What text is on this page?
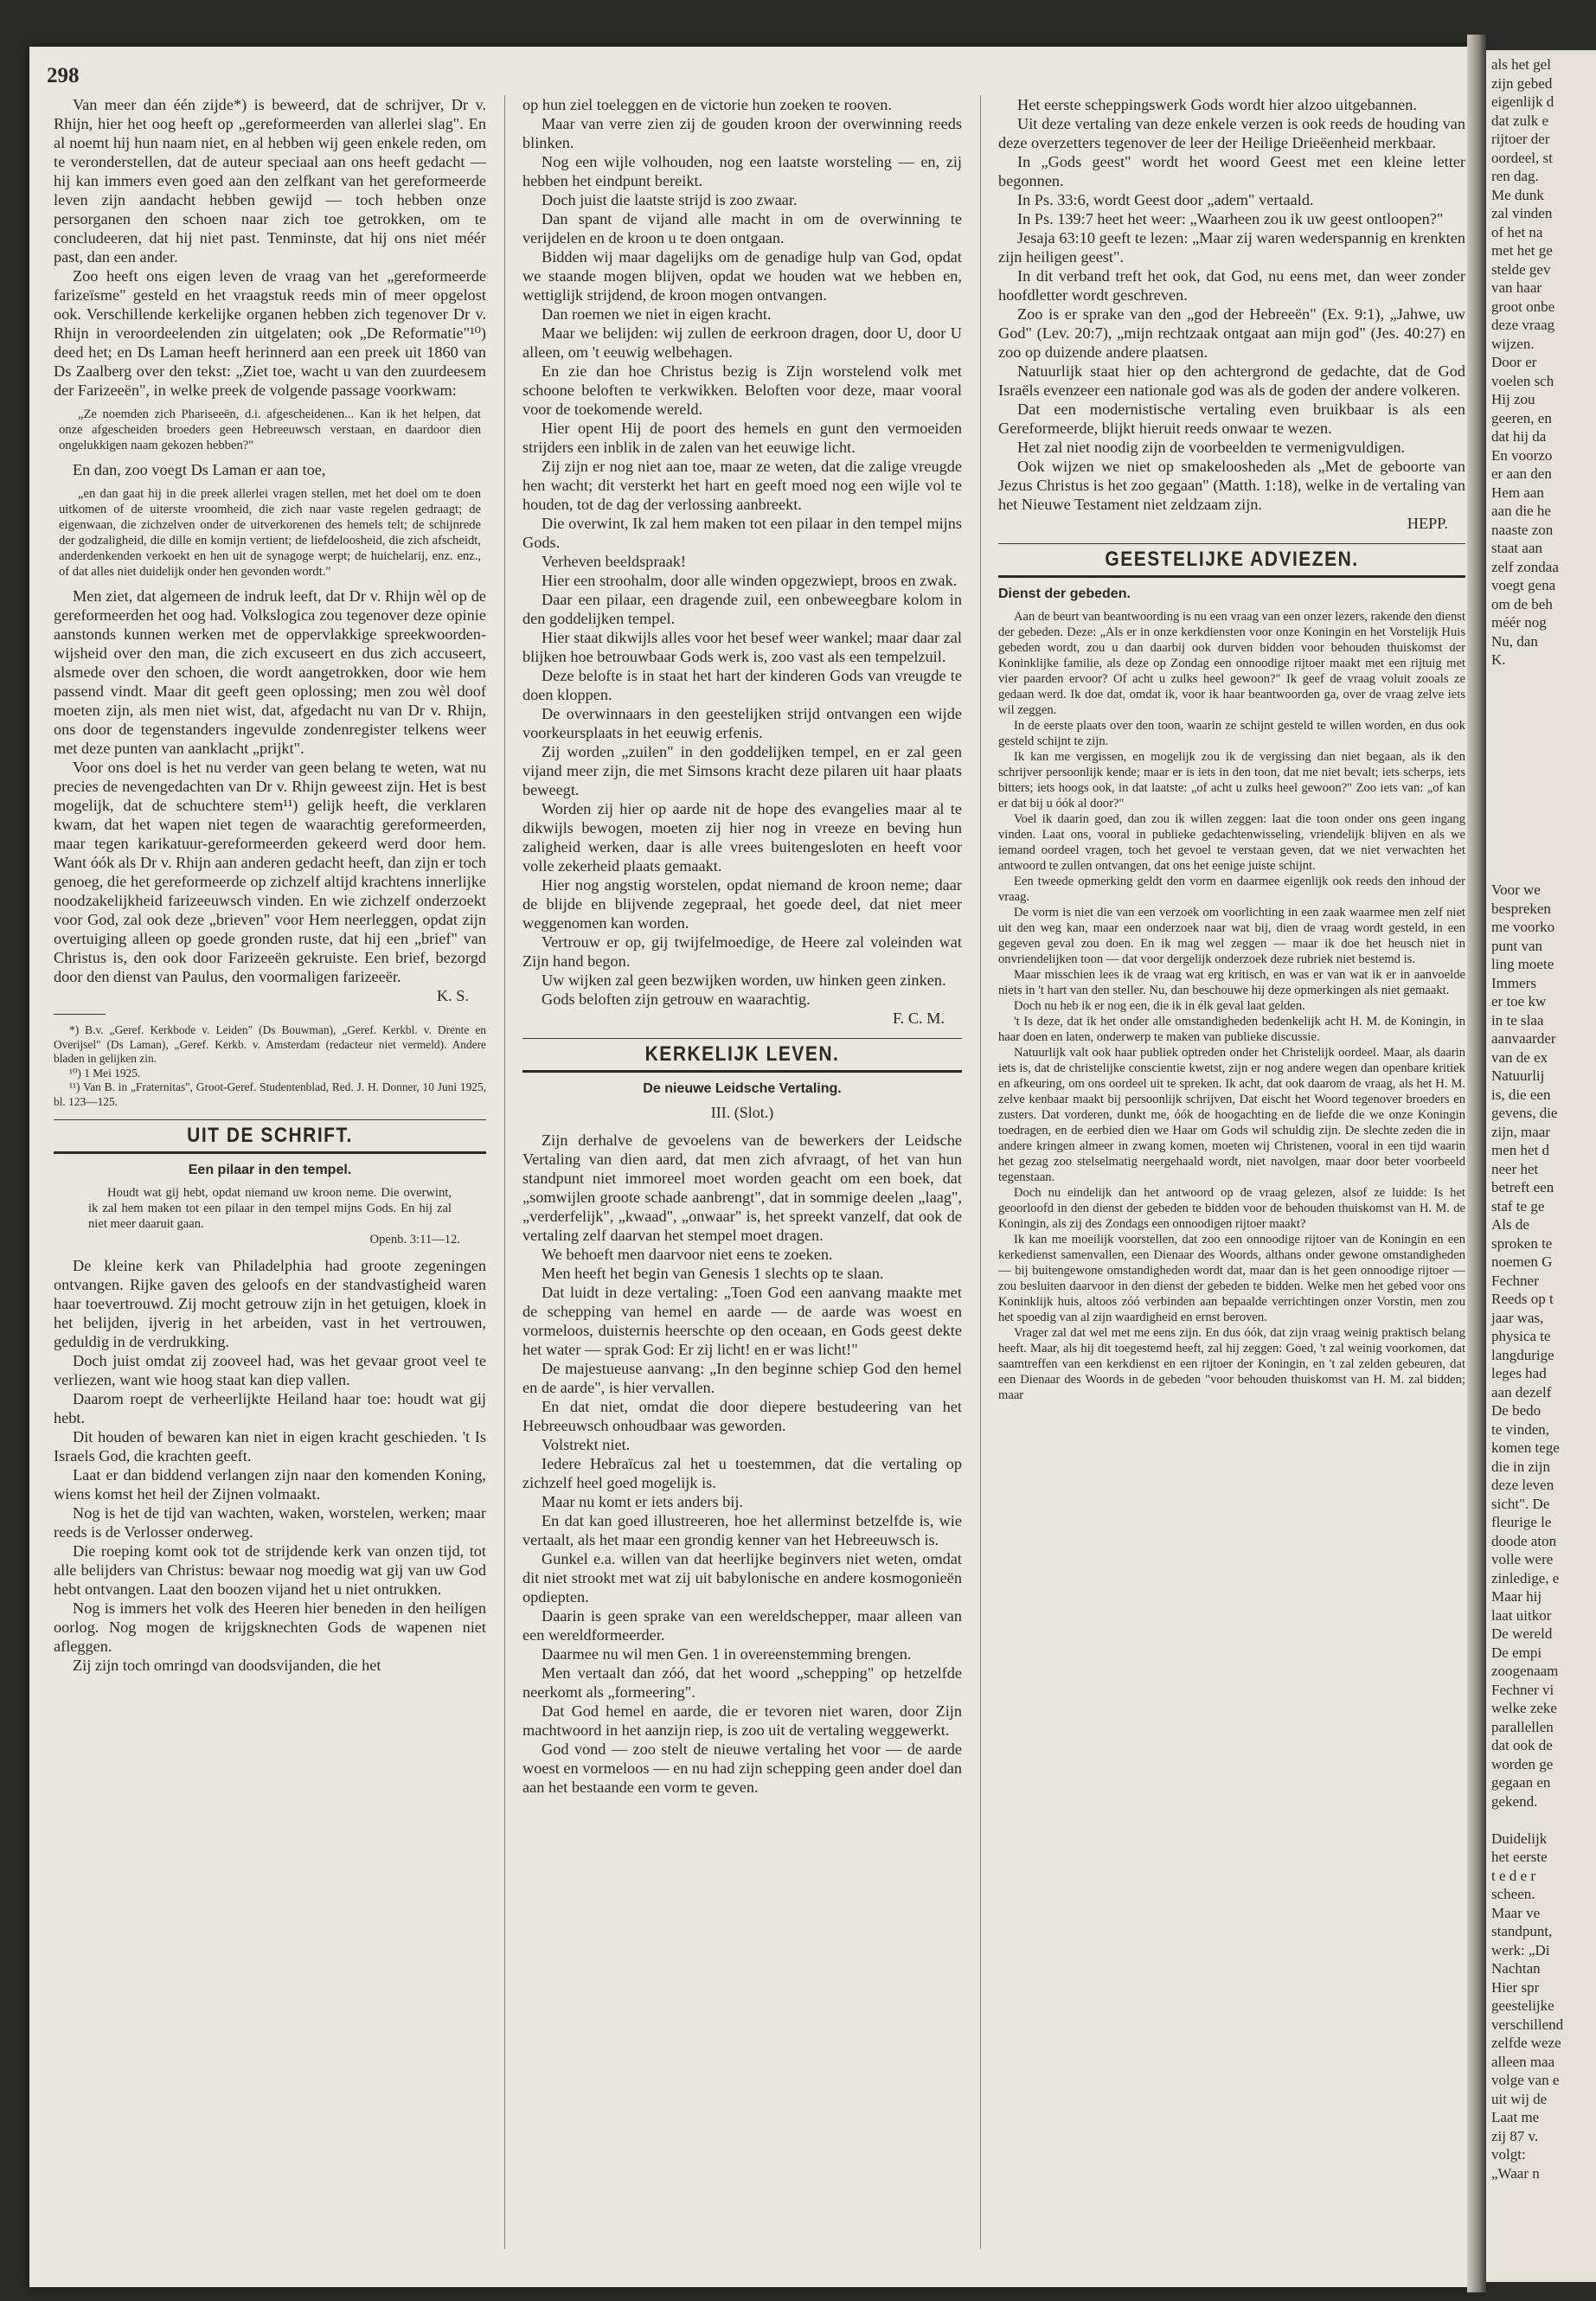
298

Van meer dan één zijde*) is beweerd, dat de schrijver, Dr v. Rhijn, hier het oog heeft op „gereformeerden van allerlei slag". En al noemt hij hun naam niet, en al hebben wij geen enkele reden, om te veronderstellen, dat de auteur speciaal aan ons heeft gedacht — hij kan immers even goed aan den zelfkant van het gereformeerde leven zijn aandacht hebben gewijd — toch hebben onze persorganen den schoen naar zich toe getrokken, om te concludeeren, dat hij niet past. Tenminste, dat hij ons niet méér past, dan een ander.

Zoo heeft ons eigen leven de vraag van het „gereformeerde farizeïsme" gesteld en het vraagstuk reeds min of meer opgelost ook. Verschillende kerkelijke organen hebben zich tegenover Dr v. Rhijn in veroordeelenden zin uitgelaten; ook „De Reformatie"¹⁰) deed het; en Ds Laman heeft herinnerd aan een preek uit 1860 van Ds Zaalberg over den tekst: „Ziet toe, wacht u van den zuurdeesem der Farizeeën", in welke preek de volgende passage voorkwam:

„Ze noemden zich Phariseeën, d.i. afgescheidenen... Kan ik het helpen, dat onze afgescheiden broeders geen Hebreeuwsch verstaan, en daardoor dien ongelukkigen naam gekozen hebben?"

En dan, zoo voegt Ds Laman er aan toe,

„en dan gaat hij in die preek allerlei vragen stellen, met het doel om te doen uitkomen of de uiterste vroomheid, die zich naar vaste regelen gedraagt; de eigenwaan, die zichzelven onder de uitverkorenen des hemels telt; de schijnrede der godzaligheid, die dille en komijn vertient; de liefdeloosheid, die zich afscheidt, anderdenkenden verkoekt en hen uit de synagoge werpt; de huichelarij, enz. enz., of dat alles niet duidelijk onder hen gevonden wordt."

Men ziet, dat algemeen de indruk leeft, dat Dr v. Rhijn wèl op de gereformeerden het oog had. Volkslogica zou tegenover deze opinie aanstonds kunnen werken met de oppervlakkige spreekwoorden-wijsheid over den man, die zich excuseert en dus zich accuseert, alsmede over den schoen, die wordt aangetrokken, door wie hem passend vindt. Maar dit geeft geen oplossing; men zou wèl doof moeten zijn, als men niet wist, dat, afgedacht nu van Dr v. Rhijn, ons door de tegenstanders ingevulde zondenregister telkens weer met deze punten van aanklacht „prijkt".

Voor ons doel is het nu verder van geen belang te weten, wat nu precies de nevengedachten van Dr v. Rhijn geweest zijn. Het is best mogelijk, dat de schuchtere stem¹¹) gelijk heeft, die verklaren kwam, dat het wapen niet tegen de waarachtig gereformeerden, maar tegen karikatuur-gereformeerden gekeerd werd door hem. Want óók als Dr v. Rhijn aan anderen gedacht heeft, dan zijn er toch genoeg, die het gereformeerde op zichzelf altijd krachtens innerlijke noodzakelijkheid farizeeuwsch vinden. En wie zichzelf onderzoekt voor God, zal ook deze „brieven" voor Hem neerleggen, opdat zijn overtuiging alleen op goede gronden ruste, dat hij een „brief" van Christus is, den ook door Farizeeën gekruiste. Een brief, bezorgd door den dienst van Paulus, den voormaligen farizeeër.

K. S.

*) B.v. „Geref. Kerkbode v. Leiden" (Ds Bouwman), „Geref. Kerkbl. v. Drente en Overijsel" (Ds Laman), „Geref. Kerkb. v. Amsterdam (redacteur niet vermeld). Andere bladen in gelijken zin.

¹⁰) 1 Mei 1925.

¹¹) Van B. in „Fraternitas", Groot-Geref. Studentenblad, Red. J. H. Donner, 10 Juni 1925, bl. 123—125.

UIT DE SCHRIFT.
Een pilaar in den tempel.

Houdt wat gij hebt, opdat niemand uw kroon neme. Die overwint, ik zal hem maken tot een pilaar in den tempel mijns Gods. En hij zal niet meer daaruit gaan.

Openb. 3:11—12.

De kleine kerk van Philadelphia had groote zegeningen ontvangen. Rijke gaven des geloofs en der standvastigheid waren haar toevertrouwd. Zij mocht getrouw zijn in het getuigen, kloek in het belijden, ijverig in het arbeiden, vast in het vertrouwen, geduldig in de verdrukking.

Doch juist omdat zij zooveel had, was het gevaar groot veel te verliezen, want wie hoog staat kan diep vallen.

Daarom roept de verheerlijkte Heiland haar toe: houdt wat gij hebt.

Dit houden of bewaren kan niet in eigen kracht geschieden. 't Is Israels God, die krachten geeft.

Laat er dan biddend verlangen zijn naar den komenden Koning, wiens komst het heil der Zijnen volmaakt.

Nog is het de tijd van wachten, waken, worstelen, werken; maar reeds is de Verlosser onderweg.

Die roeping komt ook tot de strijdende kerk van onzen tijd, tot alle belijders van Christus: bewaar nog moedig wat gij van uw God hebt ontvangen. Laat den boozen vijand het u niet ontrukken.

Nog is immers het volk des Heeren hier beneden in den heiligen oorlog. Nog mogen de krijgsknechten Gods de wapenen niet afleggen.

Zij zijn toch omringd van doodsvijanden, die het

op hun ziel toeleggen en de victorie hun zoeken te rooven.

Maar van verre zien zij de gouden kroon der overwinning reeds blinken.

Nog een wijle volhouden, nog een laatste worsteling — en, zij hebben het eindpunt bereikt.

Doch juist die laatste strijd is zoo zwaar.

Dan spant de vijand alle macht in om de overwinning te verijdelen en de kroon u te doen ontgaan.

Bidden wij maar dagelijks om de genadige hulp van God, opdat we staande mogen blijven, opdat we houden wat we hebben en, wettiglijk strijdend, de kroon mogen ontvangen.

Dan roemen we niet in eigen kracht.

Maar we belijden: wij zullen de eerkroon dragen, door U, door U alleen, om 't eeuwig welbehagen.

En zie dan hoe Christus bezig is Zijn worstelend volk met schoone beloften te verkwikken. Beloften voor deze, maar vooral voor de toekomende wereld.

Hier opent Hij de poort des hemels en gunt den vermoeiden strijders een inblik in de zalen van het eeuwige licht.

Zij zijn er nog niet aan toe, maar ze weten, dat die zalige vreugde hen wacht; dit versterkt het hart en geeft moed nog een wijle vol te houden, tot de dag der verlossing aanbreekt.

Die overwint, Ik zal hem maken tot een pilaar in den tempel mijns Gods.

Verheven beeldspraak!

Hier een stroohalm, door alle winden opgezwiept, broos en zwak.

Daar een pilaar, een dragende zuil, een onbeweegbare kolom in den goddelijken tempel.

Hier staat dikwijls alles voor het besef weer wankel; maar daar zal blijken hoe betrouwbaar Gods werk is, zoo vast als een tempelzuil.

Deze belofte is in staat het hart der kinderen Gods van vreugde te doen kloppen.

De overwinnaars in den geestelijken strijd ontvangen een wijde voorkeursplaats in het eeuwig erfenis.

Zij worden „zuilen" in den goddelijken tempel, en er zal geen vijand meer zijn, die met Simsons kracht deze pilaren uit haar plaats beweegt.

Worden zij hier op aarde nit de hope des evangelies maar al te dikwijls bewogen, moeten zij hier nog in vreeze en beving hun zaligheid werken, daar is alle vrees buitengesloten en heeft voor volle zekerheid plaats gemaakt.

Hier nog angstig worstelen, opdat niemand de kroon neme; daar de blijde en blijvende zegepraal, het goede deel, dat niet meer weggenomen kan worden.

Vertrouw er op, gij twijfelmoedige, de Heere zal voleinden wat Zijn hand begon.

Uw wijken zal geen bezwijken worden, uw hinken geen zinken.

Gods beloften zijn getrouw en waarachtig.

F. C. M.

KERKELIJK LEVEN.
De nieuwe Leidsche Vertaling.
III. (Slot.)

Zijn derhalve de gevoelens van de bewerkers der Leidsche Vertaling van dien aard, dat men zich afvraagt, of het van hun standpunt niet immoreel moet worden geacht om een boek, dat „somwijlen groote schade aanbrengt", dat in sommige deelen „laag", „verderfelijk", „kwaad", „onwaar" is, het spreekt vanzelf, dat ook de vertaling zelf daarvan het stempel moet dragen.

We behoeft men daarvoor niet eens te zoeken.

Men heeft het begin van Genesis 1 slechts op te slaan.

Dat luidt in deze vertaling: „Toen God een aanvang maakte met de schepping van hemel en aarde — de aarde was woest en vormeloos, duisternis heerschte op den oceaan, en Gods geest dekte het water — sprak God: Er zij licht! en er was licht!"

De majestueuse aanvang: „In den beginne schiep God den hemel en de aarde", is hier vervallen.

En dat niet, omdat die door diepere bestudeering van het Hebreeuwsch onhoudbaar was geworden.

Volstrekt niet.

Iedere Hebraïcus zal het u toestemmen, dat die vertaling op zichzelf heel goed mogelijk is.

Maar nu komt er iets anders bij.

En dat kan goed illustreeren, hoe het allerminst betzelfde is, wie vertaalt, als het maar een grondig kenner van het Hebreeuwsch is.

Gunkel e.a. willen van dat heerlijke beginvers niet weten, omdat dit niet strookt met wat zij uit babylonische en andere kosmogonieën opdiepten.

Daarin is geen sprake van een wereldschepper, maar alleen van een wereldformeerder.

Daarmee nu wil men Gen. 1 in overeenstemming brengen.

Men vertaalt dan zóó, dat het woord „schepping" op hetzelfde neerkomt als „formeering".

Dat God hemel en aarde, die er tevoren niet waren, door Zijn machtwoord in het aanzijn riep, is zoo uit de vertaling weggewerkt.

God vond — zoo stelt de nieuwe vertaling het voor — de aarde woest en vormeloos — en nu had zijn schepping geen ander doel dan aan het bestaande een vorm te geven.

Het eerste scheppingswerk Gods wordt hier alzoo uitgebannen.

Uit deze vertaling van deze enkele verzen is ook reeds de houding van deze overzetters tegenover de leer der Heilige Drieëenheid merkbaar.

In „Gods geest" wordt het woord Geest met een kleine letter begonnen.

In Ps. 33:6, wordt Geest door „adem" vertaald.

In Ps. 139:7 heet het weer: „Waarheen zou ik uw geest ontloopen?"

Jesaja 63:10 geeft te lezen: „Maar zij waren wederspannig en krenkten zijn heiligen geest".

In dit verband treft het ook, dat God, nu eens met, dan weer zonder hoofdletter wordt geschreven.

Zoo is er sprake van den „god der Hebreeën" (Ex. 9:1), „Jahwe, uw God" (Lev. 20:7), „mijn rechtzaak ontgaat aan mijn god" (Jes. 40:27) en zoo op duizende andere plaatsen.

Natuurlijk staat hier op den achtergrond de gedachte, dat de God Israëls evenzeer een nationale god was als de goden der andere volkeren.

Dat een modernistische vertaling even bruikbaar is als een Gereformeerde, blijkt hieruit reeds onwaar te wezen.

Het zal niet noodig zijn de voorbeelden te vermenigvuldigen.

Ook wijzen we niet op smakeloosheden als „Met de geboorte van Jezus Christus is het zoo gegaan" (Matth. 1:18), welke in de vertaling van het Nieuwe Testament niet zeldzaam zijn.

HEPP.

GEESTELIJKE ADVIEZEN.
Dienst der gebeden.

Aan de beurt van beantwoording is nu een vraag van een onzer lezers, rakende den dienst der gebeden. Deze: „Als er in onze kerkdiensten voor onze Koningin en het Vorstelijk Huis gebeden wordt, zou u dan daarbij ook durven bidden voor behouden thuiskomst der Koninklijke familie, als deze op Zondag een onnoodige rijtoer maakt met een rijtuig met vier paarden ervoor? Of acht u zulks heel gewoon?" Ik geef de vraag voluit zooals ze gedaan werd. Ik doe dat, omdat ik, voor ik haar beantwoorden ga, over de vraag zelve iets wil zeggen.

In de eerste plaats over den toon, waarin ze schijnt gesteld te willen worden, en dus ook gesteld schijnt te zijn.

Ik kan me vergissen, en mogelijk zou ik de vergissing dan niet begaan, als ik den schrijver persoonlijk kende; maar er is iets in den toon, dat me niet bevalt; iets scherps, iets bitters; iets hoogs ook, in dat laatste: „of acht u zulks heel gewoon?" Zoo iets van: „of kan er dat bij u óók al door?"

Voel ik daarin goed, dan zou ik willen zeggen: laat die toon onder ons geen ingang vinden. Laat ons, vooral in publieke gedachtenwisseling, vriendelijk blijven en als we iemand oordeel vragen, toch het gevoel te verstaan geven, dat we niet verwachten het antwoord te zullen ontvangen, dat ons het eenige juiste schijnt.

Een tweede opmerking geldt den vorm en daarmee eigenlijk ook reeds den inhoud der vraag.

De vorm is niet die van een verzoek om voorlichting in een zaak waarmee men zelf niet uit den weg kan, maar een onderzoek naar wat bij, dien de vraag wordt gesteld, in een gegeven geval zou doen. En ik mag wel zeggen — maar ik doe het heusch niet in onvriendelijken toon — dat voor dergelijk onderzoek deze rubriek niet bestemd is.

Maar misschien lees ik de vraag wat erg kritisch, en was er van wat ik er in aanvoelde niets in 't hart van den steller. Nu, dan beschouwe hij deze opmerkingen als niet gemaakt.

Doch nu heb ik er nog een, die ik in élk geval laat gelden.

't Is deze, dat ik het onder alle omstandigheden bedenkelijk acht H. M. de Koningin, in haar doen en laten, onderwerp te maken van publieke discussie.

Natuurlijk valt ook haar publiek optreden onder het Christelijk oordeel. Maar, als daarin iets is, dat de christelijke conscientie kwetst, zijn er nog andere wegen dan openbare kritiek en afkeuring, om ons oordeel uit te spreken. Ik acht, dat ook daarom de vraag, als het H. M. zelve kenbaar maakt bij persoonlijk schrijven, Dat eischt het Woord tegenover broeders en zusters. Dat vorderen, dunkt me, óók de hoogachting en de liefde die we onze Koningin toedragen, en de eerbied dien we Haar om Gods wil schuldig zijn. De slechte zeden die in andere kringen almeer in zwang komen, moeten wij Christenen, vooral in een tijd waarin het gezag zoo stelselmatig neergehaald wordt, niet navolgen, maar door beter voorbeeld tegenstaan.

Doch nu eindelijk dan het antwoord op de vraag gelezen, alsof ze luidde: Is het geoorloofd in den dienst der gebeden te bidden voor de behouden thuiskomst van H. M. de Koningin, als zij des Zondags een onnoodigen rijtoer maakt?

Ik kan me moeilijk voorstellen, dat zoo een onnoodige rijtoer van de Koningin en een kerkedienst samenvallen, een Dienaar des Woords, althans onder gewone omstandigheden — bij buitengewone omstandigheden wordt dat, maar dan is het geen onnoodige rijtoer — zou besluiten daarvoor in den dienst der gebeden te bidden. Welke men het gebed voor ons Koninklijk huis, altoos zóó verbinden aan bepaalde verrichtingen onzer Vorstin, men zou het spoedig van al zijn waardigheid en ernst beroven.

Vrager zal dat wel met me eens zijn. En dus óók, dat zijn vraag weinig praktisch belang heeft. Maar, als hij dit toegestemd heeft, zal hij zeggen: Goed, 't zal weinig voorkomen, dat saamtreffen van een kerkdienst en een rijtoer der Koningin, en 't zal zelden gebeuren, dat een Dienaar des Woords in de gebeden "voor behouden thuiskomst van H. M. zal bidden; maar

als het gel

zijn gebed

eigenlijk d

dat zulk e

rijtoer der

oordeel, st

ren dag.

Me dunk

zal vinden

of het na

met het ge

stelde gev

van haar

groot onbe

deze vraag

wijzen.

Door er

voelen sch

Hij zou

geeren, en

dat hij da

En voorzo

er aan den

Hem aan

aan die he

naaste zon

staat aan

zelf zondaa

voegt gena

om de beh

méér nog

Nu, dan

K.

Voor we

bespreken

me voorko

punt van

ling moete

Immers

er toe kw

in te slaa

aanvaarder

van de ex

Natuurlij

is, die een

gevens, die

zijn, maar

men het d

neer het

betreft een

staf te ge

Als de

sproken te

noemen G

Fechner

Reeds op t

jaar was,

physica te

langdurige

leges had

aan dezelf

De bedo

te vinden,

komen tege

die in zijn

deze leven

sicht". De

fleurige le

doode aton

volle were

zinledige, e

Maar hij

laat uitkor

De wereld

De empi

zoogenaam

Fechner vi

welke zeke

parallellen

dat ook de

worden ge

gegaan en

gekend.

Duidelijk

het eerste

t e d e r

scheen.

Maar ve

standpunt,

werk: „Di

Nachtan

Hier spr

geestelijke

verschillend

zelfde weze

alleen maa

volge van e

uit wij de

Laat me

zij 87 v.

volgt:

„Waar n
